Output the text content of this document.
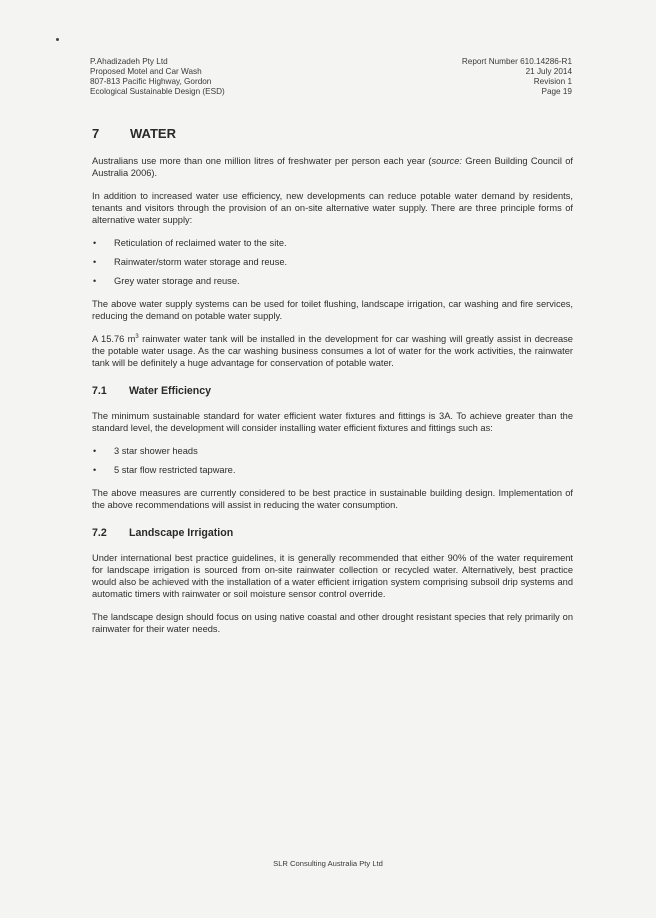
P.Ahadizadeh Pty Ltd
Proposed Motel and Car Wash
807-813 Pacific Highway, Gordon
Ecological Sustainable Design (ESD)
Report Number 610.14286-R1
21 July 2014
Revision 1
Page 19
7	WATER

Australians use more than one million litres of freshwater per person each year (source: Green Building Council of Australia 2006).

In addition to increased water use efficiency, new developments can reduce potable water demand by residents, tenants and visitors through the provision of an on-site alternative water supply. There are three principle forms of alternative water supply:

• Reticulation of reclaimed water to the site.
• Rainwater/storm water storage and reuse.
• Grey water storage and reuse.

The above water supply systems can be used for toilet flushing, landscape irrigation, car washing and fire services, reducing the demand on potable water supply.

A 15.76 $m^3$ rainwater water tank will be installed in the development for car washing will greatly assist in decrease the potable water usage. As the car washing business consumes a lot of water for the work activities, the rainwater tank will be definitely a huge advantage for conservation of potable water.

7.1	Water Efficiency

The minimum sustainable standard for water efficient water fixtures and fittings is 3A. To achieve greater than the standard level, the development will consider installing water efficient fixtures and fittings such as:

• 3 star shower heads
• 5 star flow restricted tapware.

The above measures are currently considered to be best practice in sustainable building design. Implementation of the above recommendations will assist in reducing the water consumption.

7.2	Landscape Irrigation

Under international best practice guidelines, it is generally recommended that either 90% of the water requirement for landscape irrigation is sourced from on-site rainwater collection or recycled water. Alternatively, best practice would also be achieved with the installation of a water efficient irrigation system comprising subsoil drip systems and automatic timers with rainwater or soil moisture sensor control override.

The landscape design should focus on using native coastal and other drought resistant species that rely primarily on rainwater for their water needs.

SLR Consulting Australia Pty Ltd
